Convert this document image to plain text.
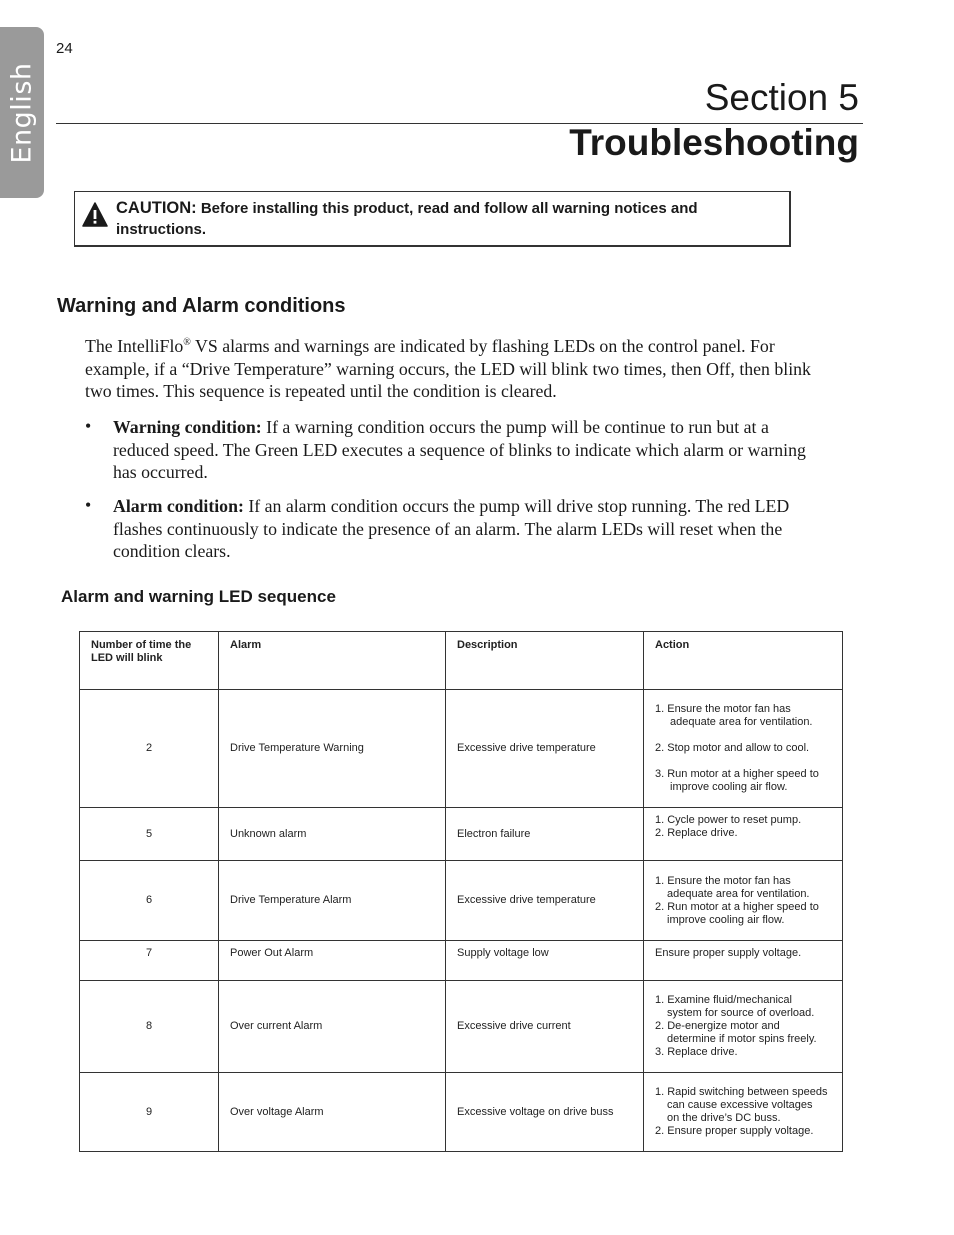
English
24
Section 5
Troubleshooting
CAUTION: Before installing this product, read and follow all warning notices and instructions.
Warning and Alarm conditions
The IntelliFlo® VS alarms and warnings are indicated by flashing LEDs on the control panel. For example, if a “Drive Temperature” warning occurs, the LED will blink two times, then Off, then blink two times. This sequence is repeated until the condition is cleared.
• Warning condition: If a warning condition occurs the pump will be continue to run but at a reduced speed. The Green LED executes a sequence of blinks to indicate which alarm or warning has occurred.
• Alarm condition: If an alarm condition occurs the pump will drive stop running. The red LED flashes continuously to indicate the presence of an alarm. The alarm LEDs will reset when the condition clears.
Alarm and warning LED sequence
Number of time the LED will blink	Alarm	Description	Action
2	Drive Temperature Warning	Excessive drive temperature	1. Ensure the motor fan has
adequate area for ventilation.
2. Stop motor and allow to cool.
3. Run motor at a higher speed to
improve cooling air flow.

5	Unknown alarm	Electron failure	1. Cycle power to reset pump.
2. Replace drive.

6	Drive Temperature Alarm	Excessive drive temperature	1. Ensure the motor fan has
adequate area for ventilation.
2. Run motor at a higher speed to
improve cooling air flow.

7	Power Out Alarm	Supply voltage low	Ensure proper supply voltage.

8	Over current Alarm	Excessive drive current	1. Examine fluid/mechanical
system for source of overload.
2. De-energize motor and
determine if motor spins freely.
3. Replace drive.

9	Over voltage Alarm	Excessive voltage on drive buss	1. Rapid switching between speeds
can cause excessive voltages
on the drive’s DC buss.
2. Ensure proper supply voltage.
